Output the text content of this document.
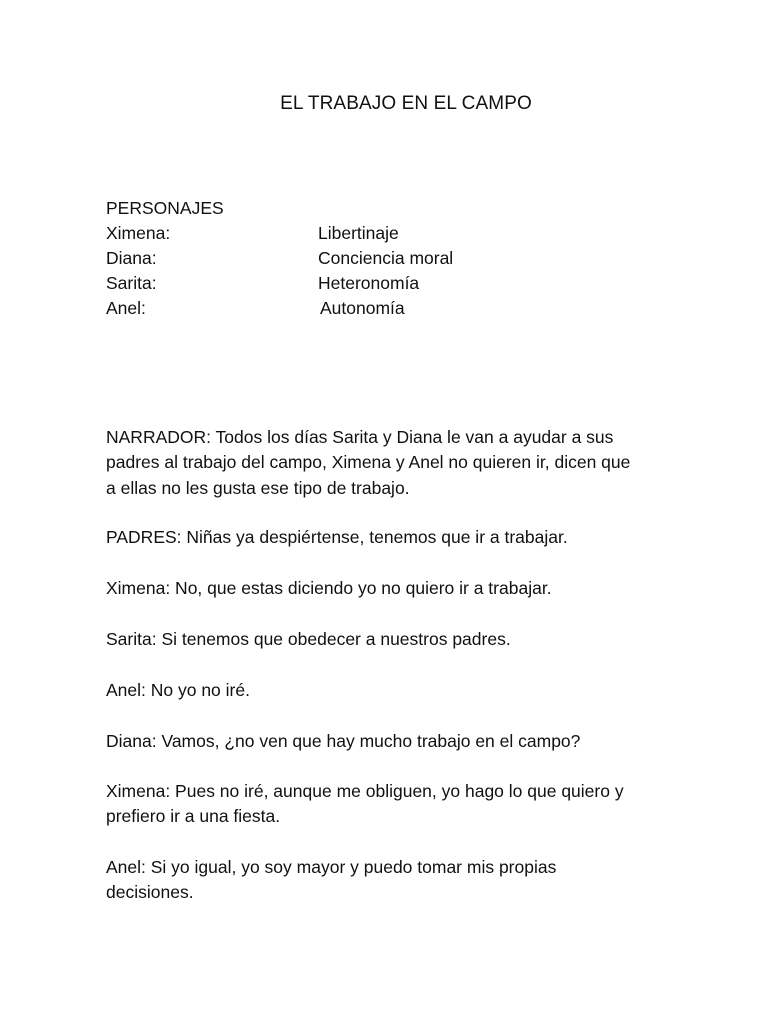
EL TRABAJO EN EL CAMPO
PERSONAJES
Ximena:	Libertinaje
Diana:	Conciencia moral
Sarita:	Heteronomía
Anel:	Autonomía
NARRADOR: Todos los días Sarita y Diana le van a ayudar a sus
padres al trabajo del campo, Ximena y Anel no quieren ir, dicen que
a ellas no les gusta ese tipo de trabajo.
PADRES: Niñas ya despiértense, tenemos que ir a trabajar.
Ximena: No, que estas diciendo yo no quiero ir a trabajar.
Sarita: Si tenemos que obedecer a nuestros padres.
Anel: No yo no iré.
Diana: Vamos, ¿no ven que hay mucho trabajo en el campo?
Ximena: Pues no iré, aunque me obliguen, yo hago lo que quiero y
prefiero ir a una fiesta.
Anel: Si yo igual, yo soy mayor y puedo tomar mis propias
decisiones.
